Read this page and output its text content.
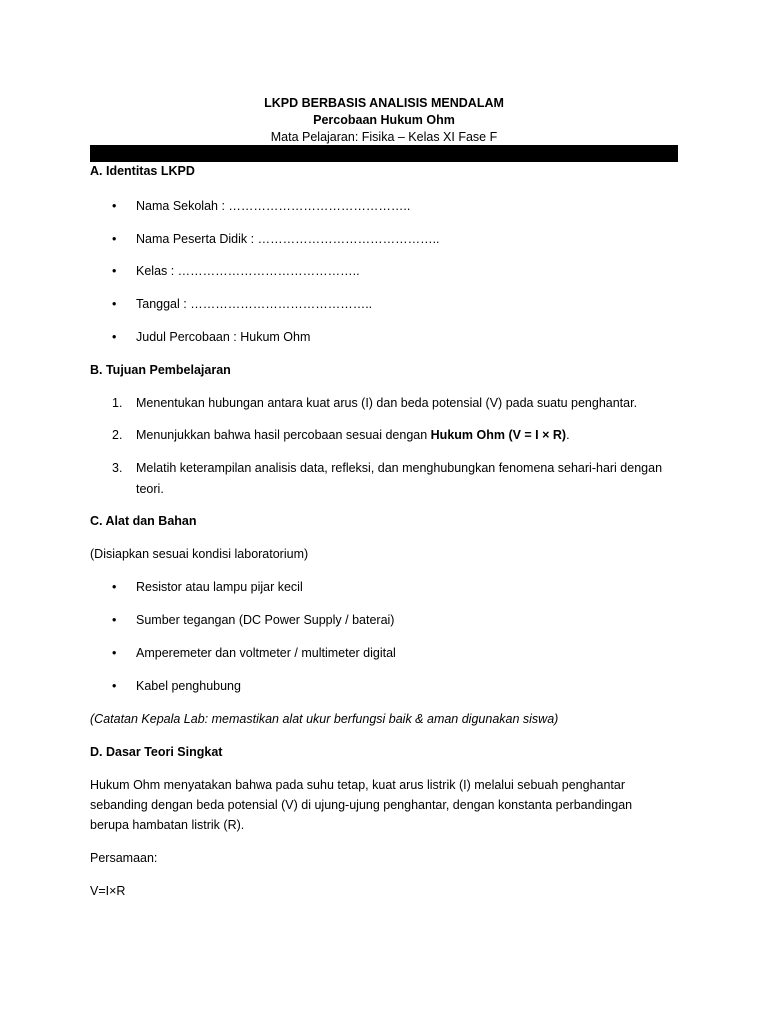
LKPD BERBASIS ANALISIS MENDALAM
Percobaan Hukum Ohm
Mata Pelajaran: Fisika – Kelas XI Fase F
A. Identitas LKPD
• Nama Sekolah : ……………………………………..
• Nama Peserta Didik : ……………………………………..
• Kelas : ……………………………………..
• Tanggal : ……………………………………..
• Judul Percobaan : Hukum Ohm
B. Tujuan Pembelajaran
1. Menentukan hubungan antara kuat arus (I) dan beda potensial (V) pada suatu penghantar.
2. Menunjukkan bahwa hasil percobaan sesuai dengan Hukum Ohm (V = I × R).
3. Melatih keterampilan analisis data, refleksi, dan menghubungkan fenomena sehari-hari dengan
teori.
C. Alat dan Bahan
(Disiapkan sesuai kondisi laboratorium)
• Resistor atau lampu pijar kecil
• Sumber tegangan (DC Power Supply / baterai)
• Amperemeter dan voltmeter / multimeter digital
• Kabel penghubung
(Catatan Kepala Lab: memastikan alat ukur berfungsi baik & aman digunakan siswa)
D. Dasar Teori Singkat
Hukum Ohm menyatakan bahwa pada suhu tetap, kuat arus listrik (I) melalui sebuah penghantar
sebanding dengan beda potensial (V) di ujung-ujung penghantar, dengan konstanta perbandingan
berupa hambatan listrik (R).
Persamaan:
V=I×R
